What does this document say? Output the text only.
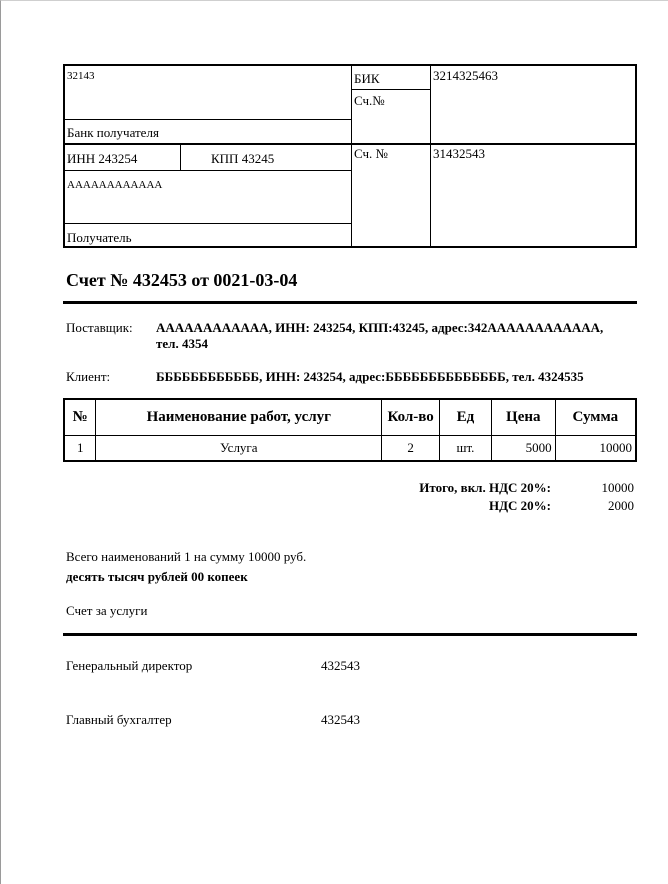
32143
Банк получателя
БИК	3214325463
Сч.№
ИНН 243254	КПП 43245
АААААААААААА
Получатель
Сч. №	31432543
Счет № 432453 от 0021-03-04
Поставщик: АААААААААААА, ИНН: 243254, КПП:43245, адрес:342АААААААААААА, тел. 4354
Клиент:	ББББББББББББ, ИНН: 243254, адрес:ББББББББББББББ, тел. 4324535
№	Наименование работ, услуг	Кол-во	Ед	Цена	Сумма
1	Услуга	2	шт.	5000	10000
Итого, вкл. НДС 20%:	10000
НДС 20%:	2000
Всего наименований 1 на сумму 10000 руб.
десять тысяч рублей 00 копеек
Счет за услуги
Генеральный директор	432543
Главный бухгалтер	432543
